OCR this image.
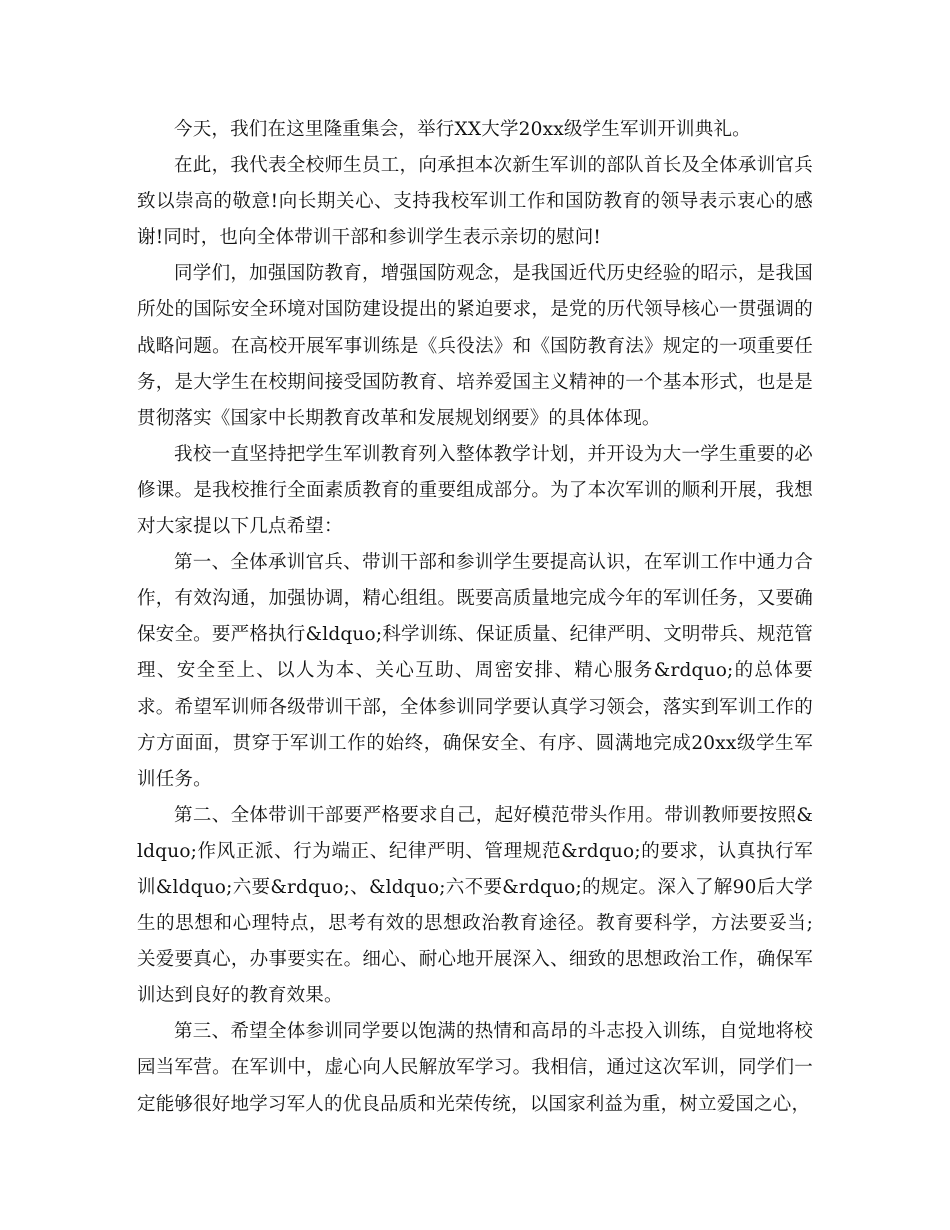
今天，我们在这里隆重集会，举行XX大学20xx级学生军训开训典礼。

在此，我代表全校师生员工，向承担本次新生军训的部队首长及全体承训官兵致以崇高的敬意!向长期关心、支持我校军训工作和国防教育的领导表示衷心的感谢!同时，也向全体带训干部和参训学生表示亲切的慰问!

同学们，加强国防教育，增强国防观念，是我国近代历史经验的昭示，是我国所处的国际安全环境对国防建设提出的紧迫要求，是党的历代领导核心一贯强调的战略问题。在高校开展军事训练是《兵役法》和《国防教育法》规定的一项重要任务，是大学生在校期间接受国防教育、培养爱国主义精神的一个基本形式，也是是贯彻落实《国家中长期教育改革和发展规划纲要》的具体体现。

我校一直坚持把学生军训教育列入整体教学计划，并开设为大一学生重要的必修课。是我校推行全面素质教育的重要组成部分。为了本次军训的顺利开展，我想对大家提以下几点希望：

第一、全体承训官兵、带训干部和参训学生要提高认识，在军训工作中通力合作，有效沟通，加强协调，精心组组。既要高质量地完成今年的军训任务，又要确保安全。要严格执行&ldquo;科学训练、保证质量、纪律严明、文明带兵、规范管理、安全至上、以人为本、关心互助、周密安排、精心服务&rdquo;的总体要求。希望军训师各级带训干部，全体参训同学要认真学习领会，落实到军训工作的方方面面，贯穿于军训工作的始终，确保安全、有序、圆满地完成20xx级学生军训任务。

第二、全体带训干部要严格要求自己，起好模范带头作用。带训教师要按照&ldquo;作风正派、行为端正、纪律严明、管理规范&rdquo;的要求，认真执行军训&ldquo;六要&rdquo;、&ldquo;六不要&rdquo;的规定。深入了解90后大学生的思想和心理特点，思考有效的思想政治教育途径。教育要科学，方法要妥当;关爱要真心，办事要实在。细心、耐心地开展深入、细致的思想政治工作，确保军训达到良好的教育效果。

第三、希望全体参训同学要以饱满的热情和高昂的斗志投入训练，自觉地将校园当军营。在军训中，虚心向人民解放军学习。我相信，通过这次军训，同学们一定能够很好地学习军人的优良品质和光荣传统，以国家利益为重，树立爱国之心，
